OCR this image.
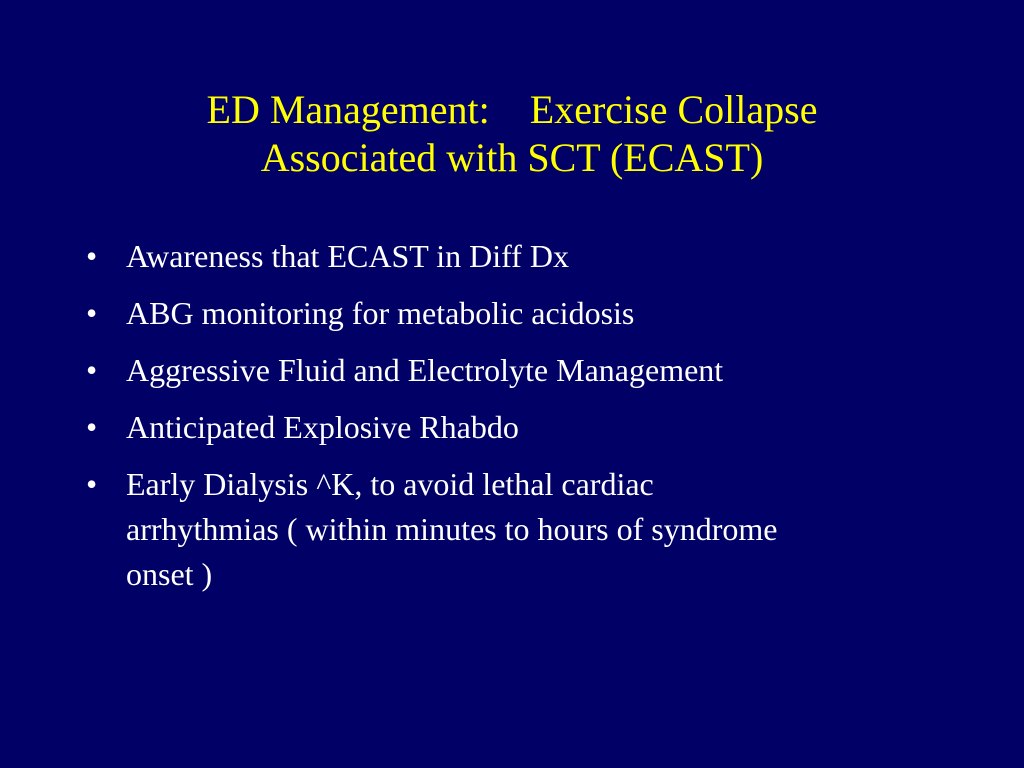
ED Management:    Exercise Collapse
Associated with SCT (ECAST)
• Awareness that ECAST in Diff Dx
• ABG monitoring for metabolic acidosis
• Aggressive Fluid and Electrolyte Management
• Anticipated Explosive Rhabdo
• Early Dialysis ^K, to avoid lethal cardiac
arrhythmias ( within minutes to hours of syndrome
onset )
